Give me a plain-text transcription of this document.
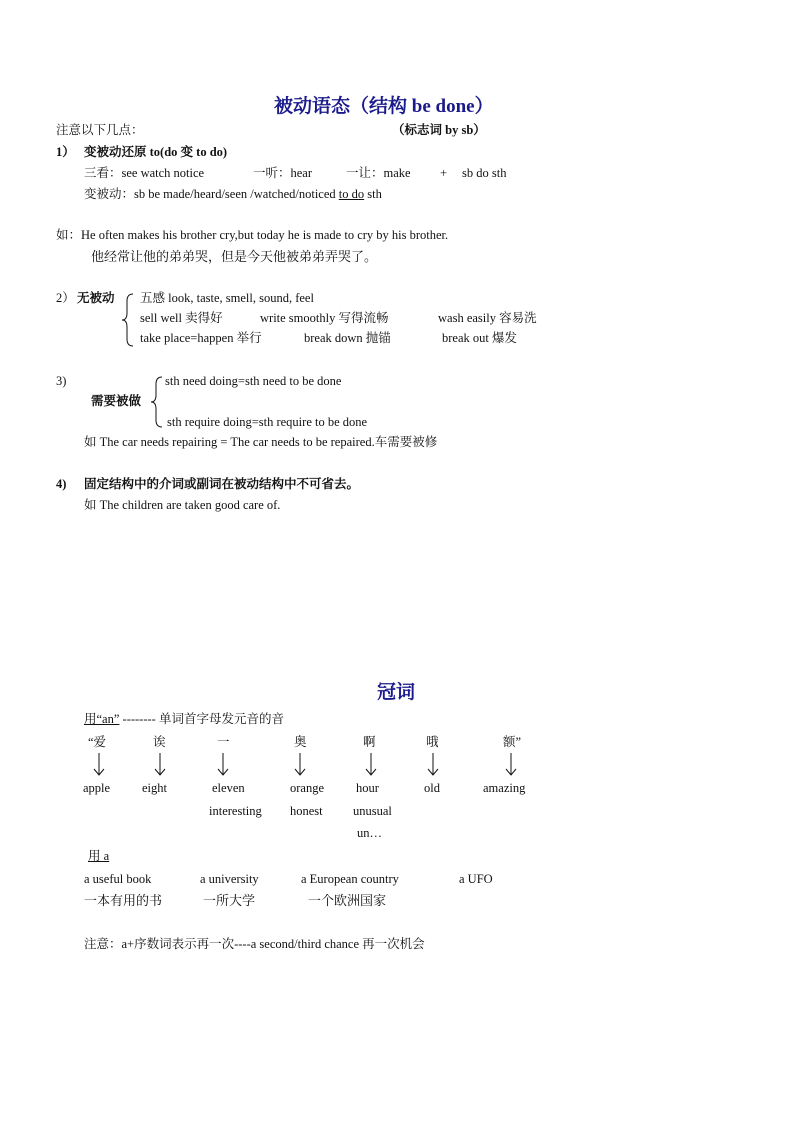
被动语态（结构 be done）
注意以下几点：	（标志词 by sb）
1） 变被动还原 to(do 变 to do)
三看：see watch notice	一听：hear	一让：make + sb do sth
变被动：sb be made/heard/seen /watched/noticed to do sth
如：He often makes his brother cry,but today he is made to cry by his brother.
他经常让他的弟弟哭，但是今天他被弟弟弄哭了。
2） 无被动 五感 look, taste, smell, sound, feel
sell well 卖得好	write smoothly 写得流畅	wash easily 容易洗
take place=happen 举行	break down 抛锚	break out 爆发
3)
需要被做
sth need doing=sth need to be done
sth require doing=sth require to be done
如 The car needs repairing = The car needs to be repaired.车需要被修
4) 固定结构中的介词或副词在被动结构中不可省去。
如 The children are taken good care of.
冠词
用“an” -------- 单词首字母发元音的音
“爱	诶	一	奥	啊	哦	额”
apple	eight	eleven	orange	hour	old	amazing
interesting honest unusual
un…
用 a
a useful book	a university	a European country	a UFO
一本有用的书	一所大学	一个欧洲国家
注意：a+序数词表示再一次----a second/third chance 再一次机会
